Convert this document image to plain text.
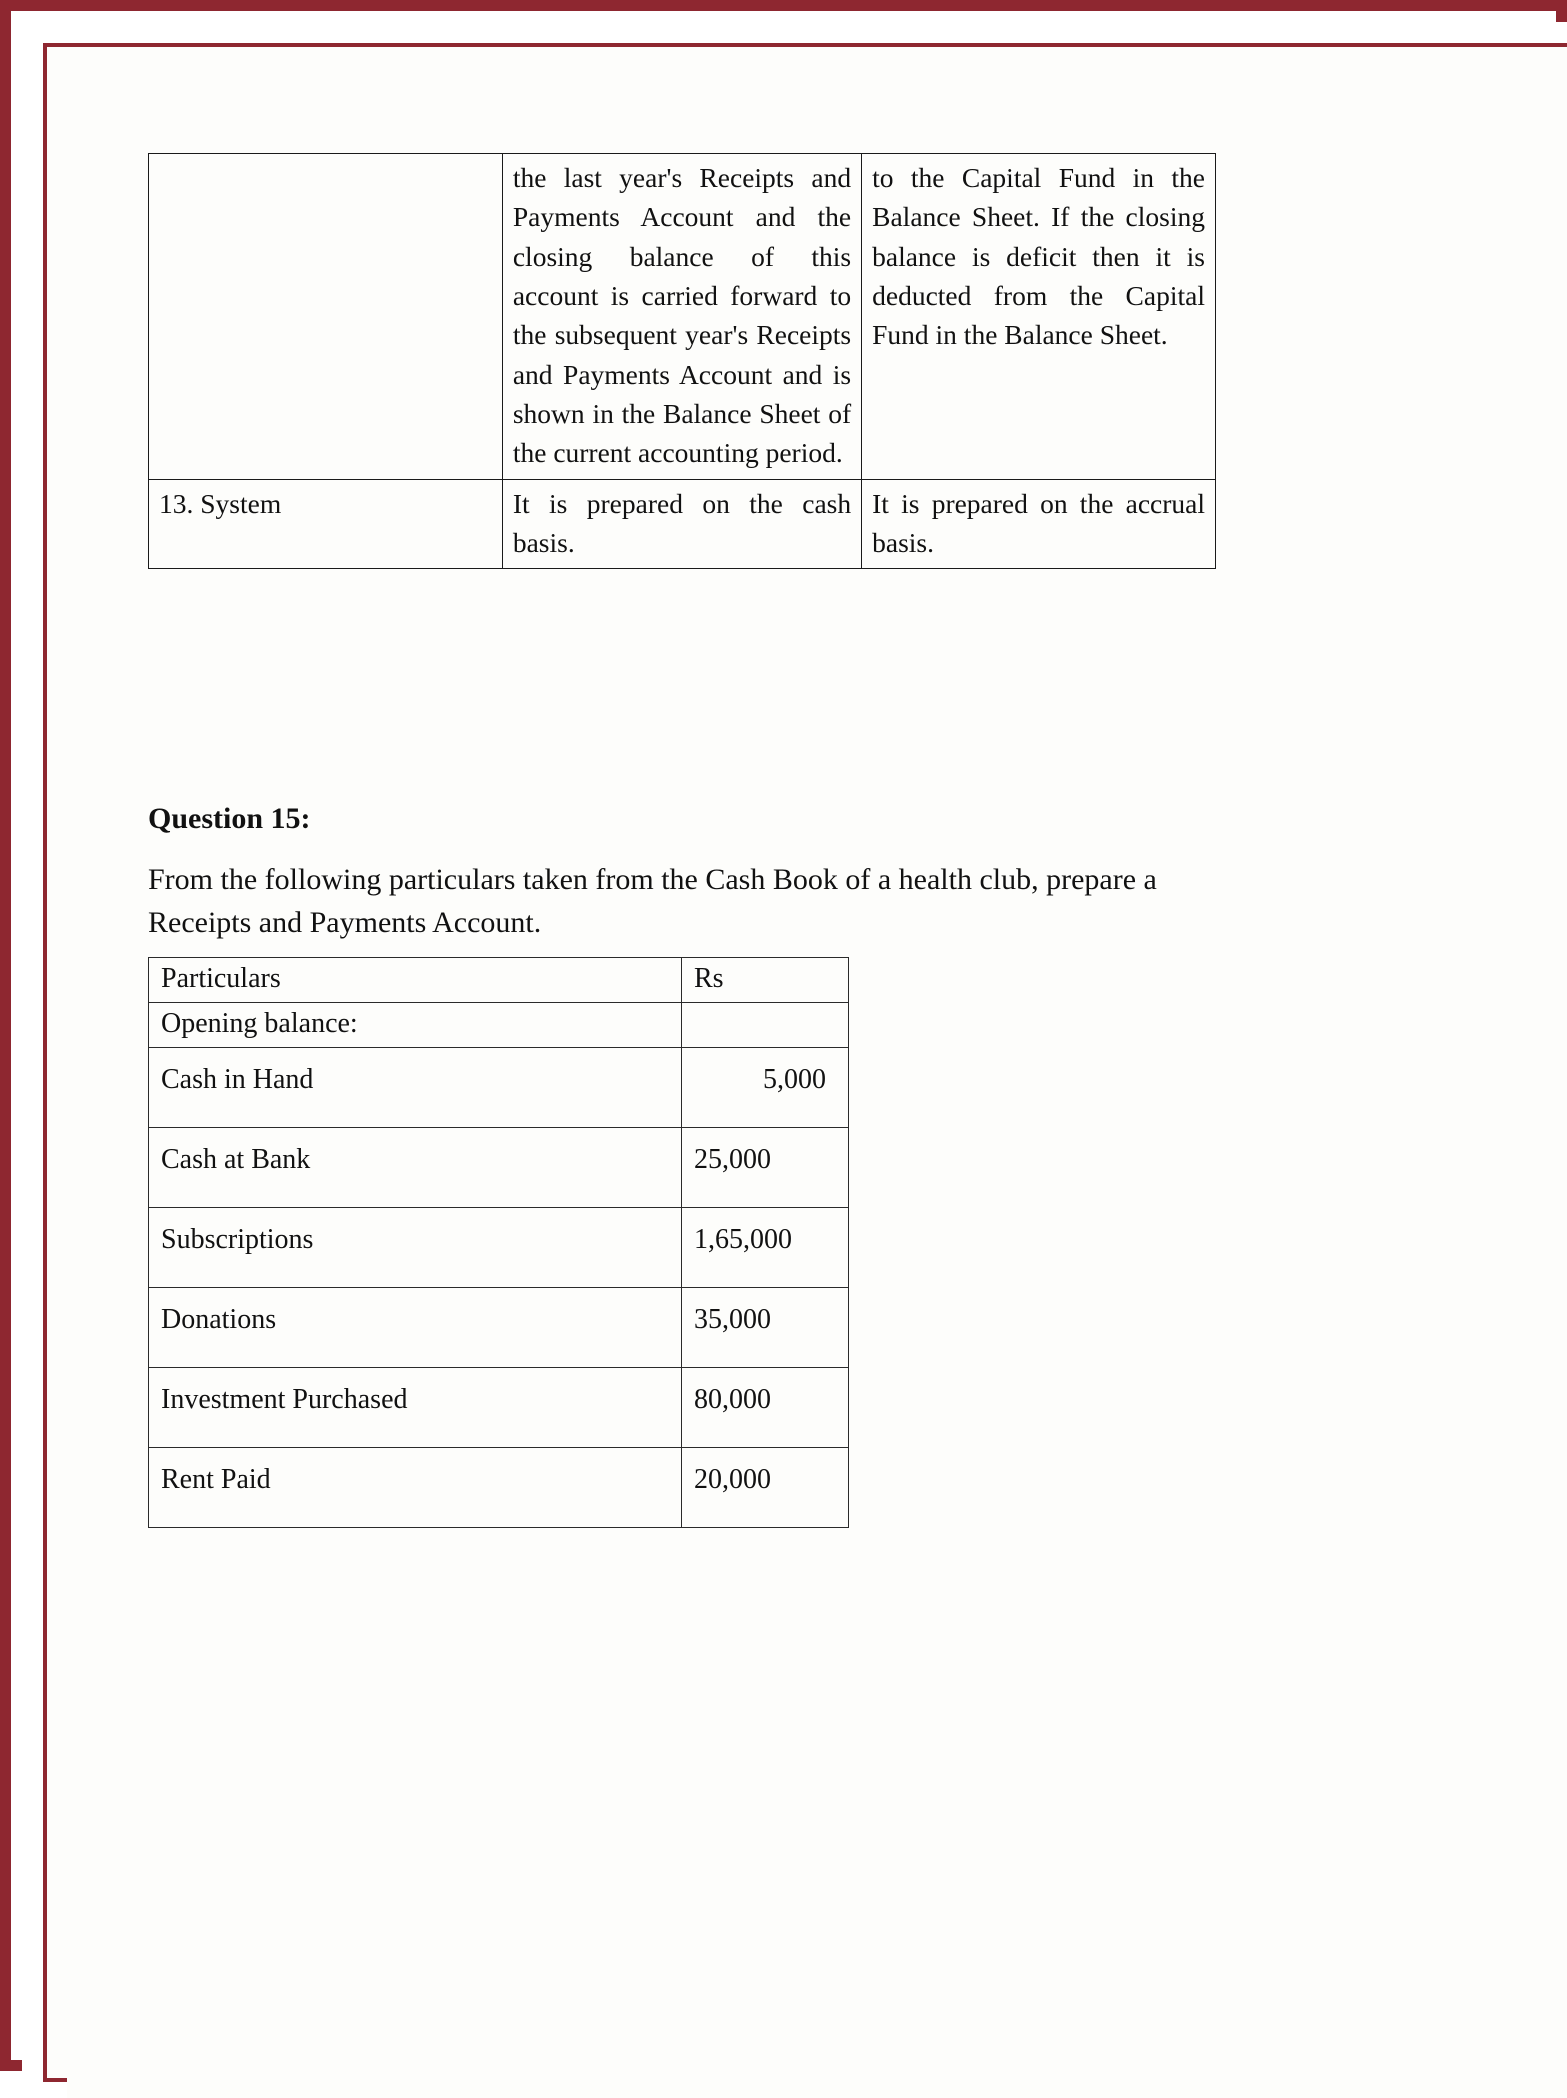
	the last year's Receipts and Payments Account and the closing balance of this account is carried forward to the subsequent year's Receipts and Payments Account and is shown in the Balance Sheet of the current accounting period.	to the Capital Fund in the Balance Sheet. If the closing balance is deficit then it is deducted from the Capital Fund in the Balance Sheet.
13. System	It is prepared on the cash basis.	It is prepared on the accrual basis.
Question 15:
From the following particulars taken from the Cash Book of a health club, prepare a Receipts and Payments Account.
Particulars	Rs
Opening balance:	
Cash in Hand	5,000
Cash at Bank	25,000
Subscriptions	1,65,000
Donations	35,000
Investment Purchased	80,000
Rent Paid	20,000
